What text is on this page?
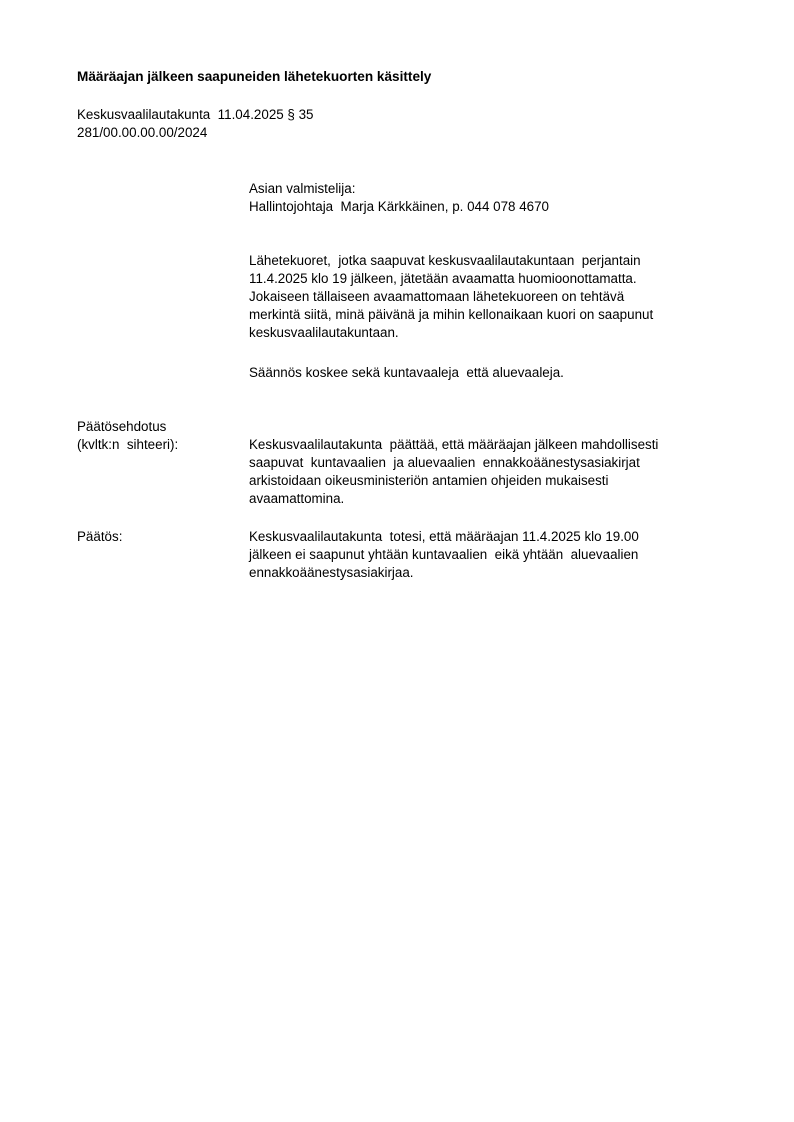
Määräajan jälkeen saapuneiden lähetekuorten käsittely
Keskusvaalilautakunta  11.04.2025 § 35
281/00.00.00.00/2024
Asian valmistelija:
Hallintojohtaja  Marja Kärkkäinen, p. 044 078 4670
Lähetekuoret,  jotka saapuvat keskusvaalilautakuntaan  perjantain
11.4.2025 klo 19 jälkeen, jätetään avaamatta huomioonottamatta.
Jokaiseen tällaiseen avaamattomaan lähetekuoreen on tehtävä
merkintä siitä, minä päivänä ja mihin kellonaikaan kuori on saapunut
keskusvaalilautakuntaan.
Säännös koskee sekä kuntavaaleja  että aluevaaleja.
Päätösehdotus
(kvltk:n  sihteeri):	Keskusvaalilautakunta  päättää, että määräajan jälkeen mahdollisesti
saapuvat  kuntavaalien  ja aluevaalien  ennakkoäänestysasiakirjat
arkistoidaan oikeusministeriön antamien ohjeiden mukaisesti
avaamattomina.
Päätös:	Keskusvaalilautakunta  totesi, että määräajan 11.4.2025 klo 19.00
jälkeen ei saapunut yhtään kuntavaalien  eikä yhtään  aluevaalien
ennakkoäänestysasiakirjaa.
